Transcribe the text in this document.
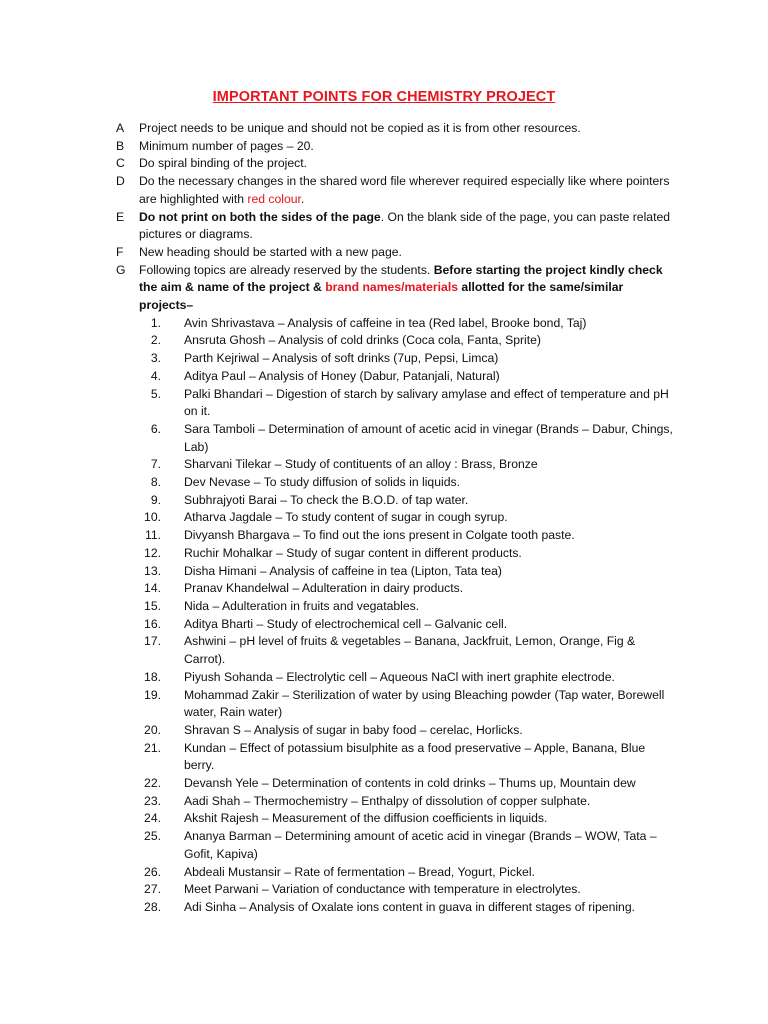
IMPORTANT POINTS FOR CHEMISTRY PROJECT
A	Project needs to be unique and should not be copied as it is from other resources.
B	Minimum number of pages – 20.
C	Do spiral binding of the project.
D	Do the necessary changes in the shared word file wherever required especially like where pointers are highlighted with red colour.
E	Do not print on both the sides of the page. On the blank side of the page, you can paste related pictures or diagrams.
F	New heading should be started with a new page.
G	Following topics are already reserved by the students. Before starting the project kindly check the aim & name of the project & brand names/materials allotted for the same/similar projects–
1.	Avin Shrivastava – Analysis of caffeine in tea (Red label, Brooke bond, Taj)
2.	Ansruta Ghosh – Analysis of cold drinks (Coca cola, Fanta, Sprite)
3.	Parth Kejriwal – Analysis of soft drinks (7up, Pepsi, Limca)
4.	Aditya Paul – Analysis of Honey (Dabur, Patanjali, Natural)
5.	Palki Bhandari – Digestion of starch by salivary amylase and effect of temperature and pH on it.
6.	Sara Tamboli – Determination of amount of acetic acid in vinegar (Brands – Dabur, Chings, Lab)
7.	Sharvani Tilekar – Study of contituents of an alloy : Brass, Bronze
8.	Dev Nevase – To study diffusion of solids in liquids.
9.	Subhrajyoti Barai – To check the B.O.D. of tap water.
10.	Atharva Jagdale – To study content of sugar in cough syrup.
11.	Divyansh Bhargava – To find out the ions present in Colgate tooth paste.
12.	Ruchir Mohalkar – Study of sugar content in different products.
13.	Disha Himani – Analysis of caffeine in tea (Lipton, Tata tea)
14.	Pranav Khandelwal – Adulteration in dairy products.
15.	Nida – Adulteration in fruits and vegatables.
16.	Aditya Bharti – Study of electrochemical cell – Galvanic cell.
17.	Ashwini – pH level of fruits & vegetables – Banana, Jackfruit, Lemon, Orange, Fig & Carrot).
18.	Piyush Sohanda – Electrolytic cell – Aqueous NaCl with inert graphite electrode.
19.	Mohammad Zakir – Sterilization of water by using Bleaching powder (Tap water, Borewell water, Rain water)
20.	Shravan S – Analysis of sugar in baby food – cerelac, Horlicks.
21.	Kundan – Effect of potassium bisulphite as a food preservative – Apple, Banana, Blue berry.
22.	Devansh Yele – Determination of contents in cold drinks – Thums up, Mountain dew
23.	Aadi Shah – Thermochemistry – Enthalpy of dissolution of copper sulphate.
24.	Akshit Rajesh – Measurement of the diffusion coefficients in liquids.
25.	Ananya Barman – Determining amount of acetic acid in vinegar (Brands – WOW, Tata – Gofit, Kapiva)
26.	Abdeali Mustansir – Rate of fermentation – Bread, Yogurt, Pickel.
27.	Meet Parwani – Variation of conductance with temperature in electrolytes.
28.	Adi Sinha – Analysis of Oxalate ions content in guava in different stages of ripening.
